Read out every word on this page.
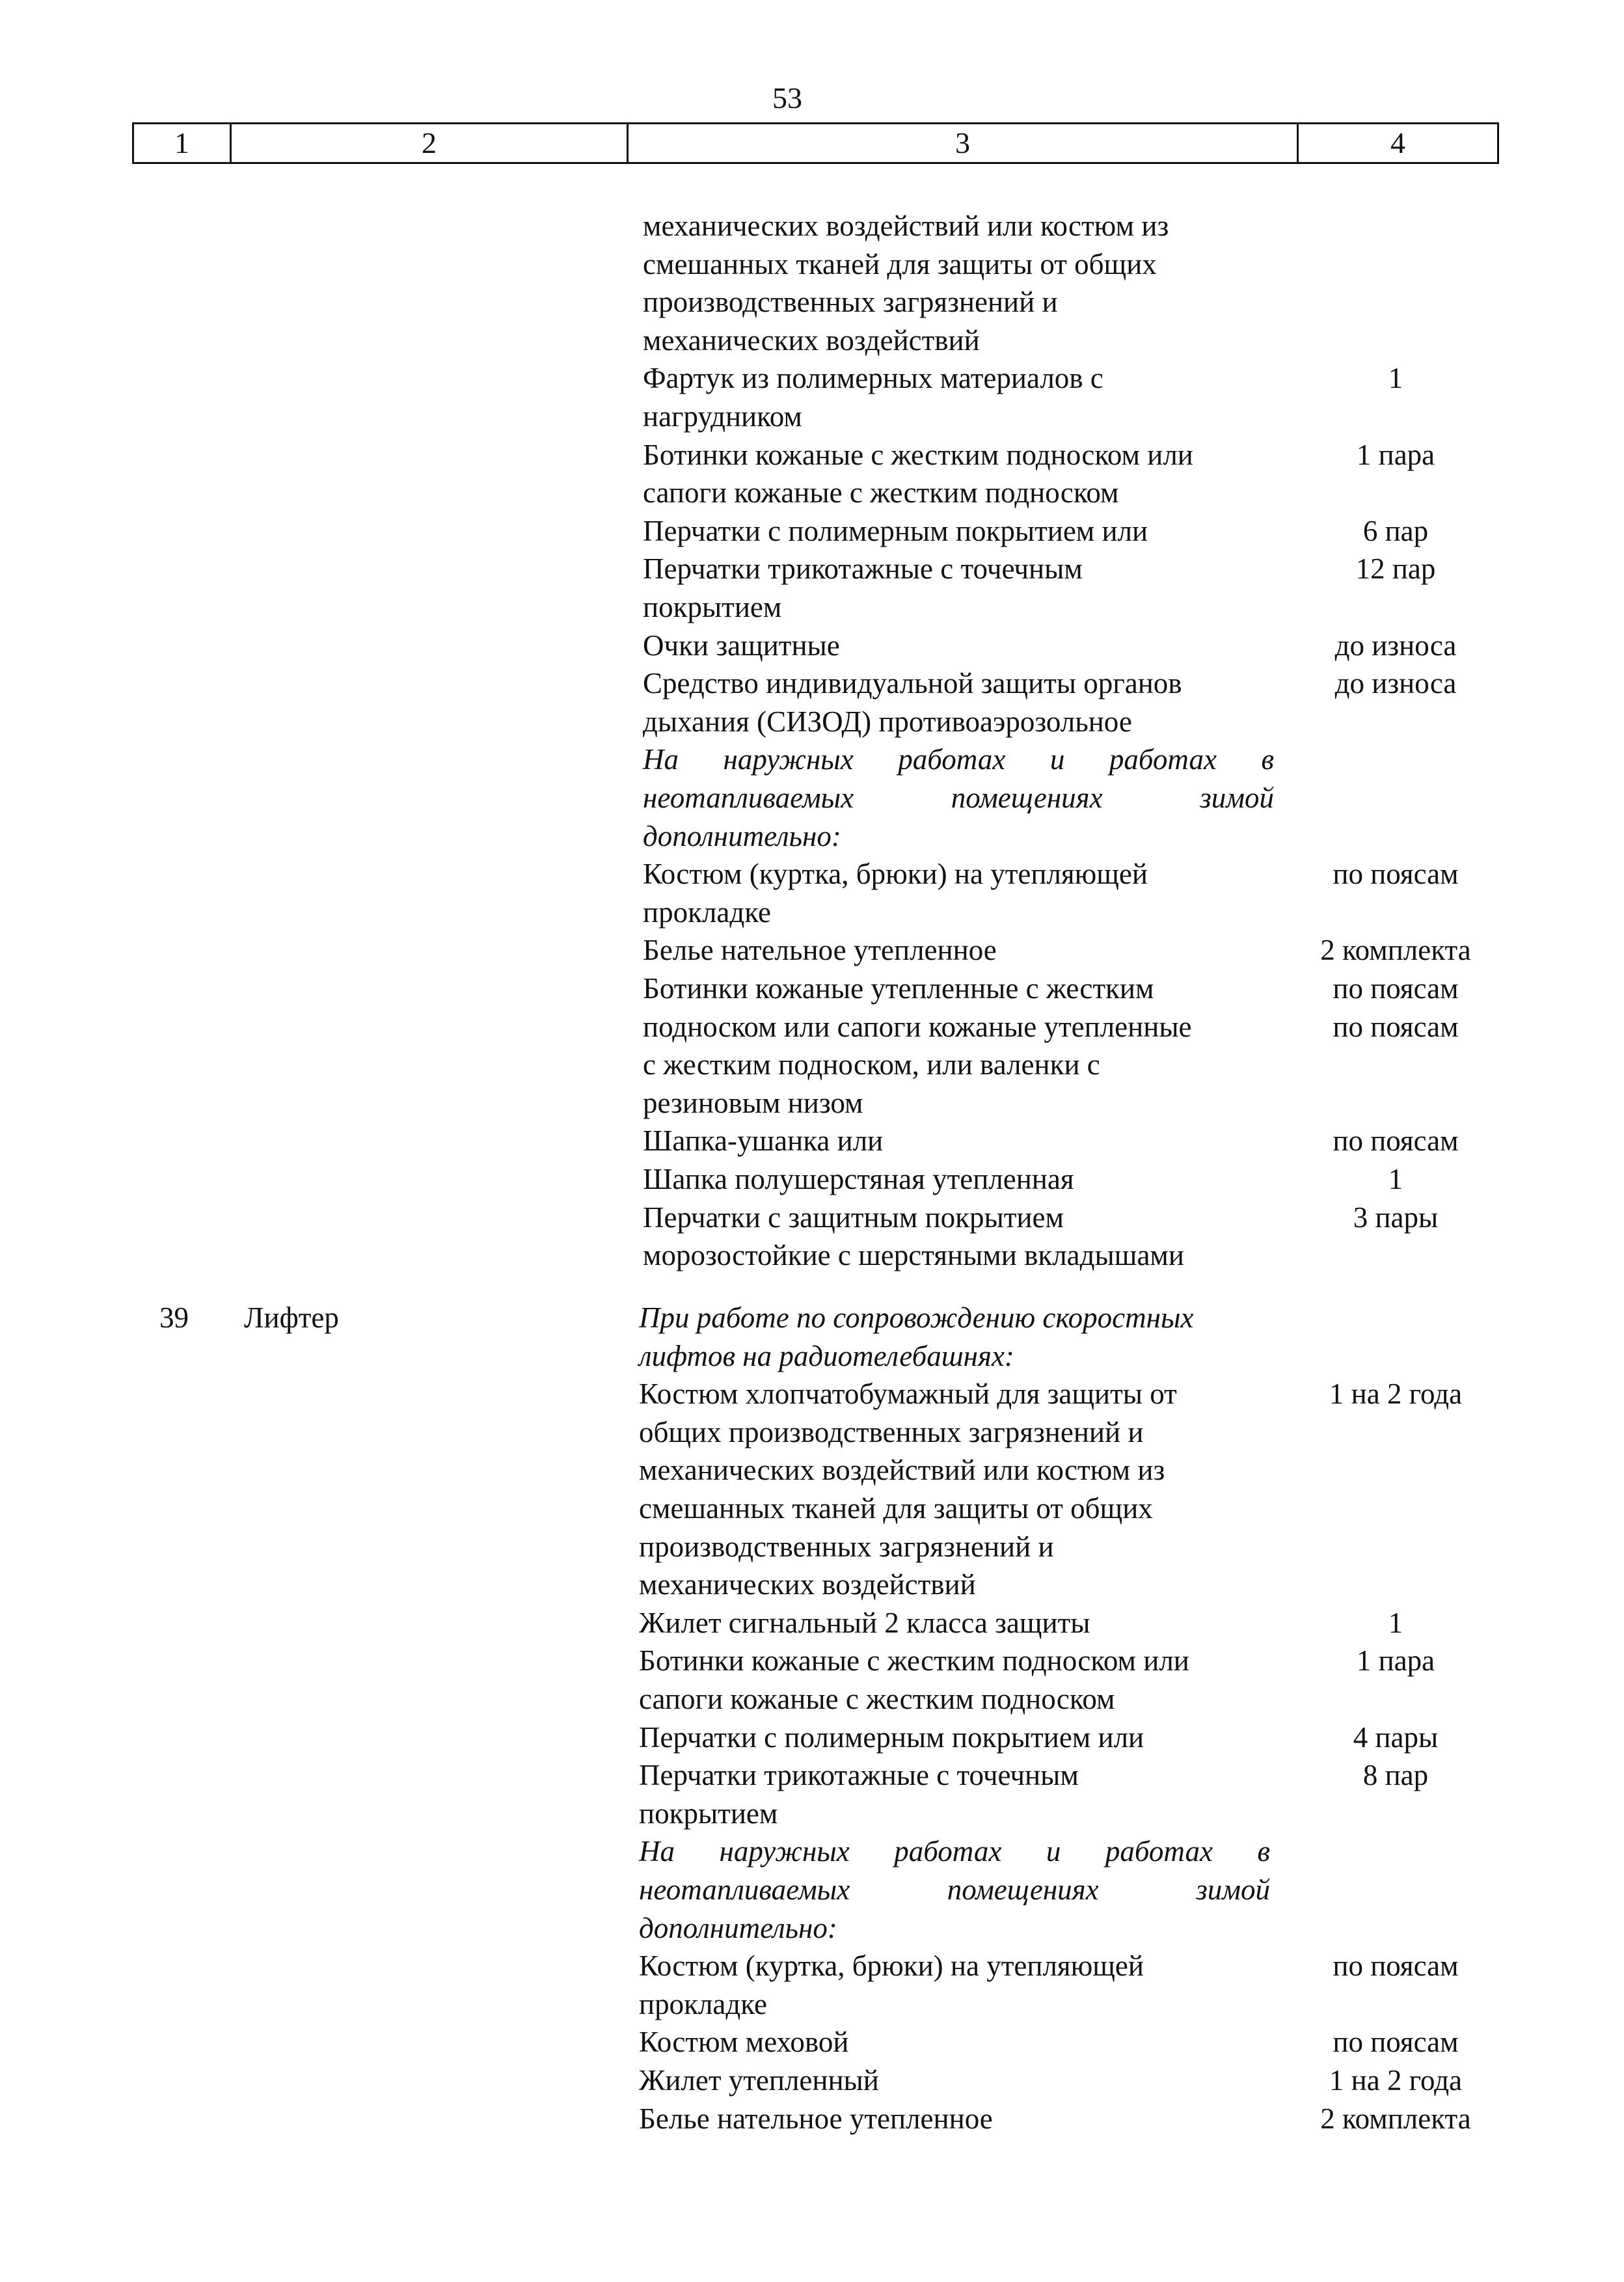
53
1	2	3	4
механических воздействий или костюм из
смешанных тканей для защиты от общих
производственных загрязнений и
механических воздействий
Фартук из полимерных материалов с	1
нагрудником
Ботинки кожаные с жестким подноском или	1 пара
сапоги кожаные с жестким подноском
Перчатки с полимерным покрытием или	6 пар
Перчатки трикотажные с точечным	12 пар
покрытием
Очки защитные	до износа
Средство индивидуальной защиты органов	до износа
дыхания (СИЗОД) противоаэрозольное
На наружных работах и работах в
неотапливаемых помещениях зимой
дополнительно:
Костюм (куртка, брюки) на утепляющей	по поясам
прокладке
Белье нательное утепленное	2 комплекта
Ботинки кожаные утепленные с жестким	по поясам
подноском или сапоги кожаные утепленные	по поясам
с жестким подноском, или валенки с
резиновым низом
Шапка-ушанка или	по поясам
Шапка полушерстяная утепленная	1
Перчатки с защитным покрытием	3 пары
морозостойкие с шерстяными вкладышами
39 Лифтер	При работе по сопровождению скоростных
лифтов на радиотелебашнях:
Костюм хлопчатобумажный для защиты от	1 на 2 года
общих производственных загрязнений и
механических воздействий или костюм из
смешанных тканей для защиты от общих
производственных загрязнений и
механических воздействий
Жилет сигнальный 2 класса защиты	1
Ботинки кожаные с жестким подноском или	1 пара
сапоги кожаные с жестким подноском
Перчатки с полимерным покрытием или	4 пары
Перчатки трикотажные с точечным	8 пар
покрытием
На наружных работах и работах в
неотапливаемых помещениях зимой
дополнительно:
Костюм (куртка, брюки) на утепляющей	по поясам
прокладке
Костюм меховой	по поясам
Жилет утепленный	1 на 2 года
Белье нательное утепленное	2 комплекта
